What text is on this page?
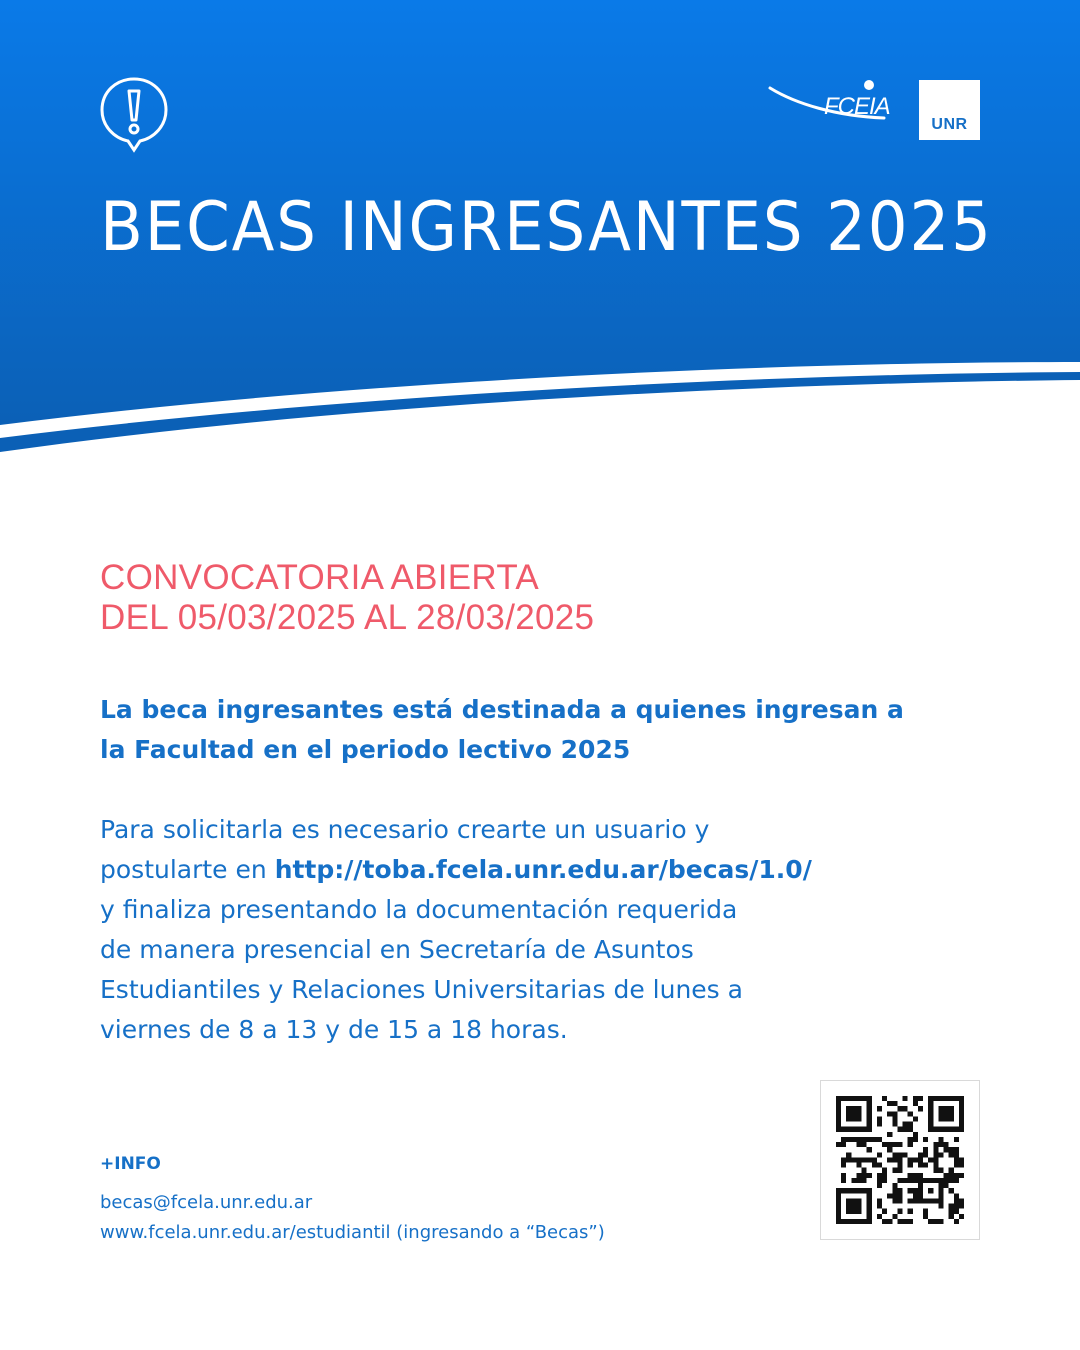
FCEIA
UNR
BECAS INGRESANTES 2025
CONVOCATORIA ABIERTA
DEL 05/03/2025 AL 28/03/2025
La beca ingresantes está destinada a quienes ingresan a
la Facultad en el periodo lectivo 2025
Para solicitarla es necesario crearte un usuario y
postularte en http://toba.fcela.unr.edu.ar/becas/1.0/
y finaliza presentando la documentación requerida
de manera presencial en Secretaría de Asuntos
Estudiantiles y Relaciones Universitarias de lunes a
viernes de 8 a 13 y de 15 a 18 horas.
+INFO
becas@fcela.unr.edu.ar
www.fcela.unr.edu.ar/estudiantil (ingresando a “Becas”)
